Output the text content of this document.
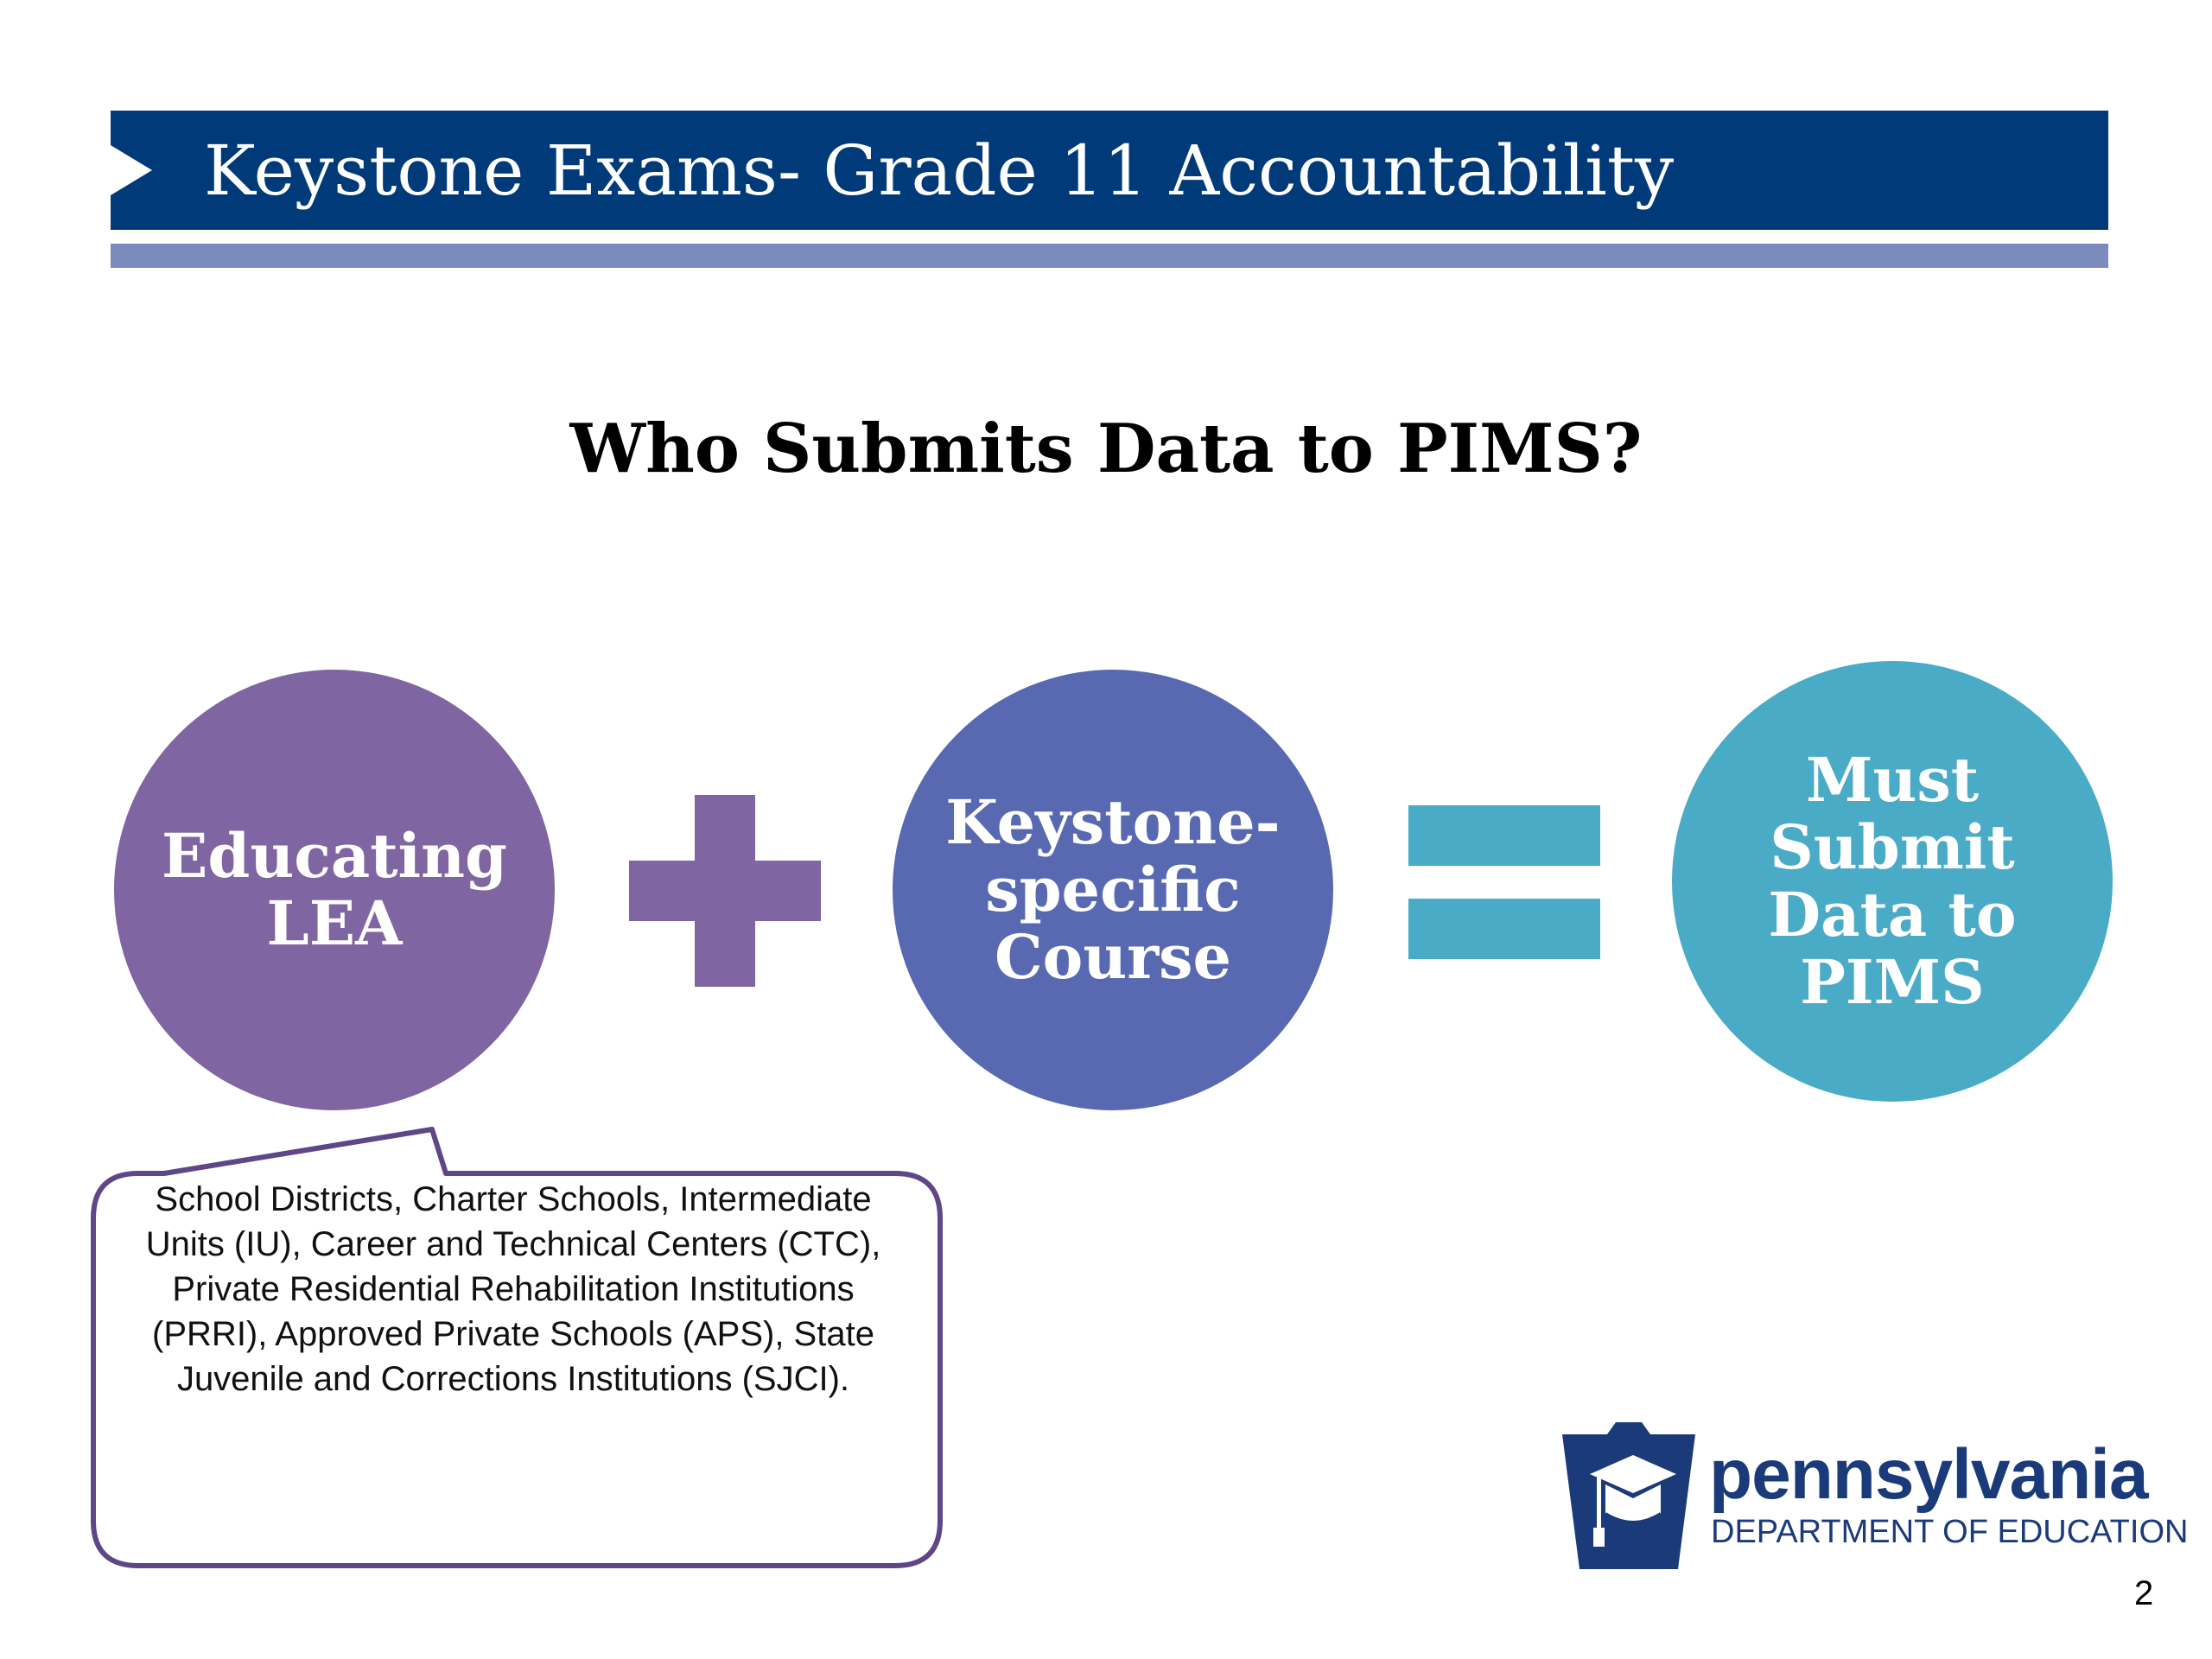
Keystone Exams- Grade 11 Accountability
Who Submits Data to PIMS?
Educating
LEA
Keystone-
specific
Course
Must
Submit
Data to
PIMS
School Districts, Charter Schools, Intermediate Units (IU), Career and Technical Centers (CTC), Private Residential Rehabilitation Institutions (PRRI), Approved Private Schools (APS), State Juvenile and Corrections Institutions (SJCI).
pennsylvania
DEPARTMENT OF EDUCATION
2
